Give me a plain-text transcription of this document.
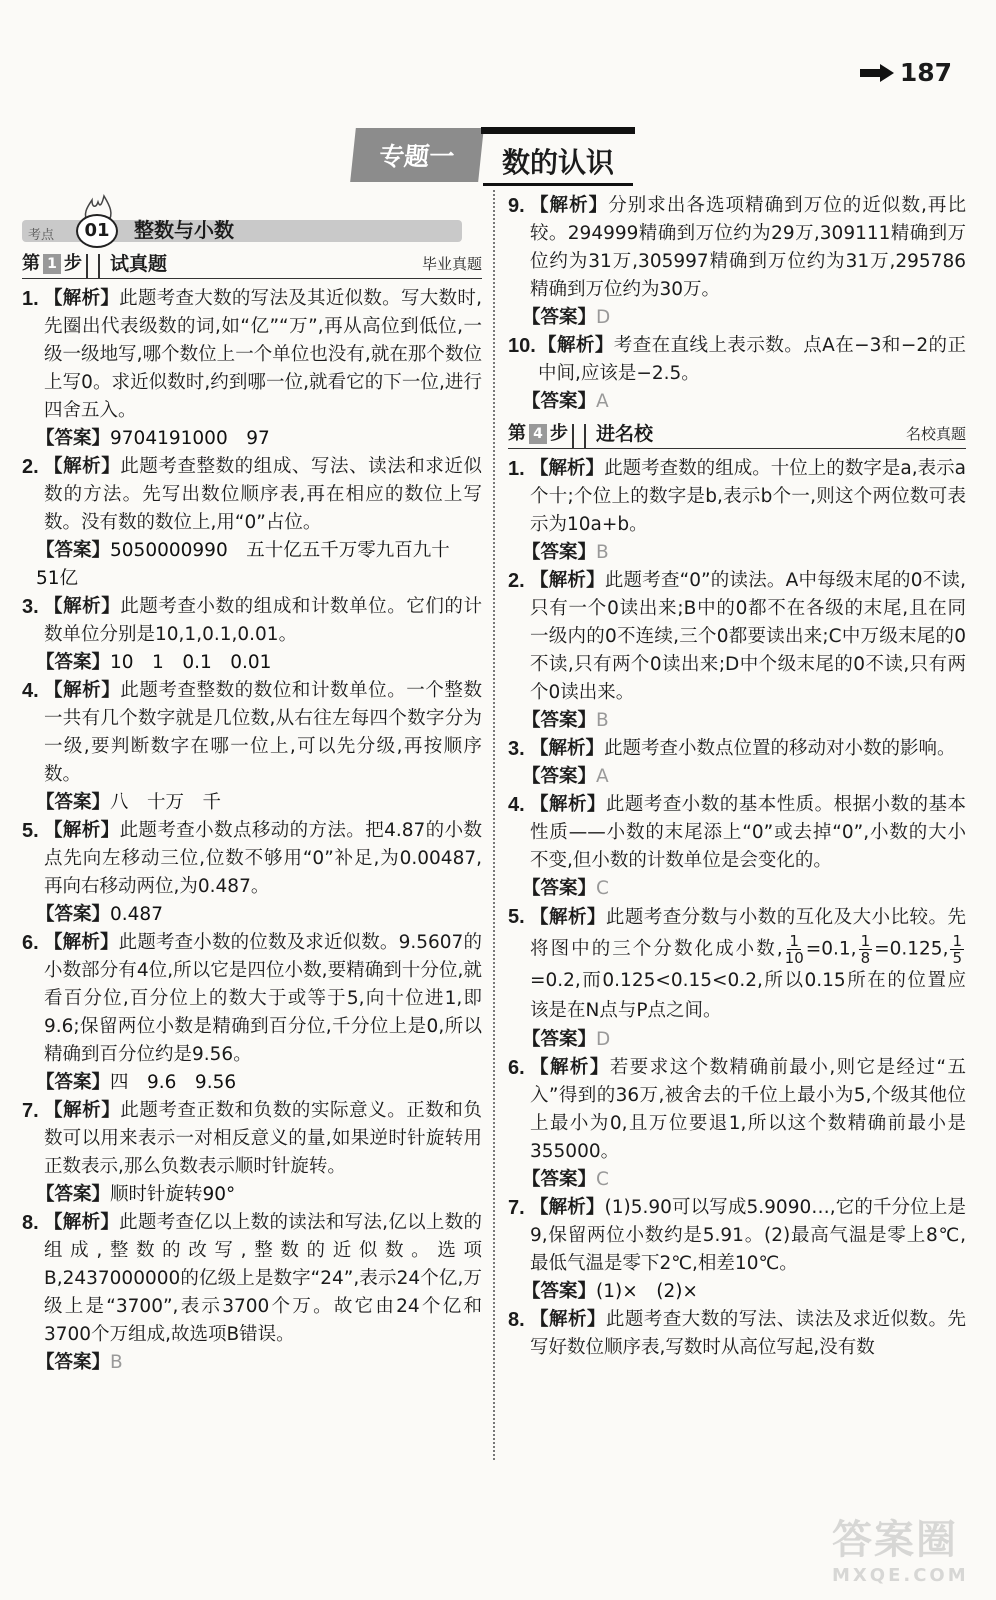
187
专题一	数的认识
考点	01	整数与小数
第 1 步 试真题	毕业真题
1. 【解析】此题考查大数的写法及其近似数。写大数时,先圈出代表级数的词,如“亿”“万”,再从高位到低位,一级一级地写,哪个数位上一个单位也没有,就在那个数位上写0。求近似数时,约到哪一位,就看它的下一位,进行四舍五入。
【答案】9704191000　97
2. 【解析】此题考查整数的组成、写法、读法和求近似数的方法。先写出数位顺序表,再在相应的数位上写数。没有数的数位上,用“0”占位。
【答案】5050000990　五十亿五千万零九百九十　51亿
3. 【解析】此题考查小数的组成和计数单位。它们的计数单位分别是10,1,0.1,0.01。
【答案】10　1　0.1　0.01
4. 【解析】此题考查整数的数位和计数单位。一个整数一共有几个数字就是几位数,从右往左每四个数字分为一级,要判断数字在哪一位上,可以先分级,再按顺序数。
【答案】八　十万　千
5. 【解析】此题考查小数点移动的方法。把4.87的小数点先向左移动三位,位数不够用“0”补足,为0.00487,再向右移动两位,为0.487。
【答案】0.487
6. 【解析】此题考查小数的位数及求近似数。9.5607的小数部分有4位,所以它是四位小数,要精确到十分位,就看百分位,百分位上的数大于或等于5,向十位进1,即9.6;保留两位小数是精确到百分位,千分位上是0,所以精确到百分位约是9.56。
【答案】四　9.6　9.56
7. 【解析】此题考查正数和负数的实际意义。正数和负数可以用来表示一对相反意义的量,如果逆时针旋转用正数表示,那么负数表示顺时针旋转。
【答案】顺时针旋转90°
8. 【解析】此题考查亿以上数的读法和写法,亿以上数的组成,整数的改写,整数的近似数。选项B,2437000000的亿级上是数字“24”,表示24个亿,万级上是“3700”,表示3700个万。故它由24个亿和3700个万组成,故选项B错误。
【答案】B
9. 【解析】分别求出各选项精确到万位的近似数,再比较。294999精确到万位约为29万,309111精确到万位约为31万,305997精确到万位约为31万,295786精确到万位约为30万。
【答案】D
10. 【解析】考查在直线上表示数。点A在−3和−2的正中间,应该是−2.5。
【答案】A
第 4 步 进名校	名校真题
1. 【解析】此题考查数的组成。十位上的数字是a,表示a个十;个位上的数字是b,表示b个一,则这个两位数可表示为10a+b。
【答案】B
2. 【解析】此题考查“0”的读法。A中每级末尾的0不读,只有一个0读出来;B中的0都不在各级的末尾,且在同一级内的0不连续,三个0都要读出来;C中万级末尾的0不读,只有两个0读出来;D中个级末尾的0不读,只有两个0读出来。
【答案】B
3. 【解析】此题考查小数点位置的移动对小数的影响。
【答案】A
4. 【解析】此题考查小数的基本性质。根据小数的基本性质——小数的末尾添上“0”或去掉“0”,小数的大小不变,但小数的计数单位是会变化的。
【答案】C
5. 【解析】此题考查分数与小数的互化及大小比较。先将图中的三个分数化成小数, $\frac{1}{10} =0.1$, $\frac{1}{8} =0.125$, $\frac{1}{5}$
=0.2,而0.125<0.15<0.2,所以0.15所在的位置应该是在N点与P点之间。
【答案】D
6. 【解析】若要求这个数精确前最小,则它是经过“五入”得到的36万,被舍去的千位上最小为5,个级其他位上最小为0,且万位要退1,所以这个数精确前最小是355000。
【答案】C
7. 【解析】(1)5.90可以写成5.9090…,它的千分位上是9,保留两位小数约是5.91。(2)最高气温是零上8℃,最低气温是零下2℃,相差10℃。
【答案】(1)×　(2)×
8. 【解析】此题考查大数的写法、读法及求近似数。先写好数位顺序表,写数时从高位写起,没有数
答案圈
MXQE.COM
